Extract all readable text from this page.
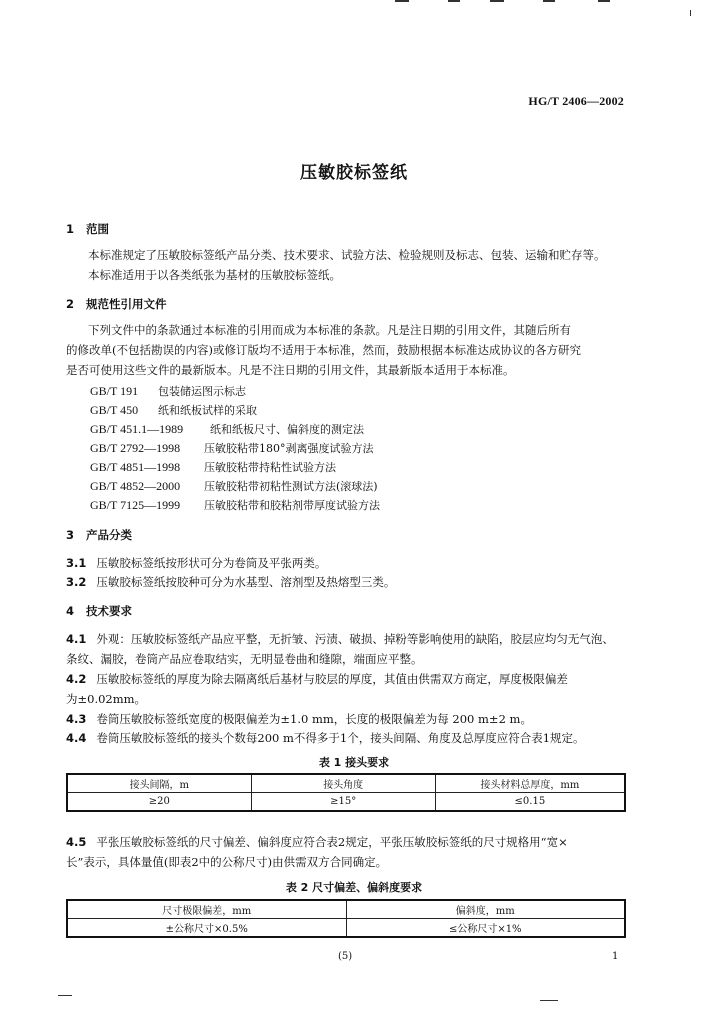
HG/T 2406—2002
压敏胶标签纸
1 范围
本标准规定了压敏胶标签纸产品分类、技术要求、试验方法、检验规则及标志、包装、运输和贮存等。
本标准适用于以各类纸张为基材的压敏胶标签纸。
2 规范性引用文件
下列文件中的条款通过本标准的引用而成为本标准的条款。凡是注日期的引用文件，其随后所有
的修改单(不包括勘误的内容)或修订版均不适用于本标准，然而，鼓励根据本标准达成协议的各方研究
是否可使用这些文件的最新版本。凡是不注日期的引用文件，其最新版本适用于本标准。
GB/T 191 包装储运图示标志
GB/T 450 纸和纸板试样的采取
GB/T 451.1—1989 纸和纸板尺寸、偏斜度的测定法
GB/T 2792—1998 压敏胶粘带180°剥离强度试验方法
GB/T 4851—1998 压敏胶粘带持粘性试验方法
GB/T 4852—2000 压敏胶粘带初粘性测试方法(滚球法)
GB/T 7125—1999 压敏胶粘带和胶粘剂带厚度试验方法
3 产品分类
3.1 压敏胶标签纸按形状可分为卷筒及平张两类。
3.2 压敏胶标签纸按胶种可分为水基型、溶剂型及热熔型三类。
4 技术要求
4.1 外观：压敏胶标签纸产品应平整，无折皱、污渍、破损、掉粉等影响使用的缺陷，胶层应均匀无气泡、
条纹、漏胶，卷筒产品应卷取结实，无明显卷曲和缝隙，端面应平整。
4.2 压敏胶标签纸的厚度为除去隔离纸后基材与胶层的厚度，其值由供需双方商定，厚度极限偏差
为±0.02mm。
4.3 卷筒压敏胶标签纸宽度的极限偏差为±1.0 mm，长度的极限偏差为每 200 m±2 m。
4.4 卷筒压敏胶标签纸的接头个数每200 m不得多于1个，接头间隔、角度及总厚度应符合表1规定。
表 1 接头要求
接头间隔，m	接头角度	接头材料总厚度，mm
≥20	≥15°	≤0.15
4.5 平张压敏胶标签纸的尺寸偏差、偏斜度应符合表2规定，平张压敏胶标签纸的尺寸规格用“宽×
长”表示，具体量值(即表2中的公称尺寸)由供需双方合同确定。
表 2 尺寸偏差、偏斜度要求
尺寸极限偏差，mm	偏斜度，mm
±公称尺寸×0.5%	≤公称尺寸×1%
(5)	1
